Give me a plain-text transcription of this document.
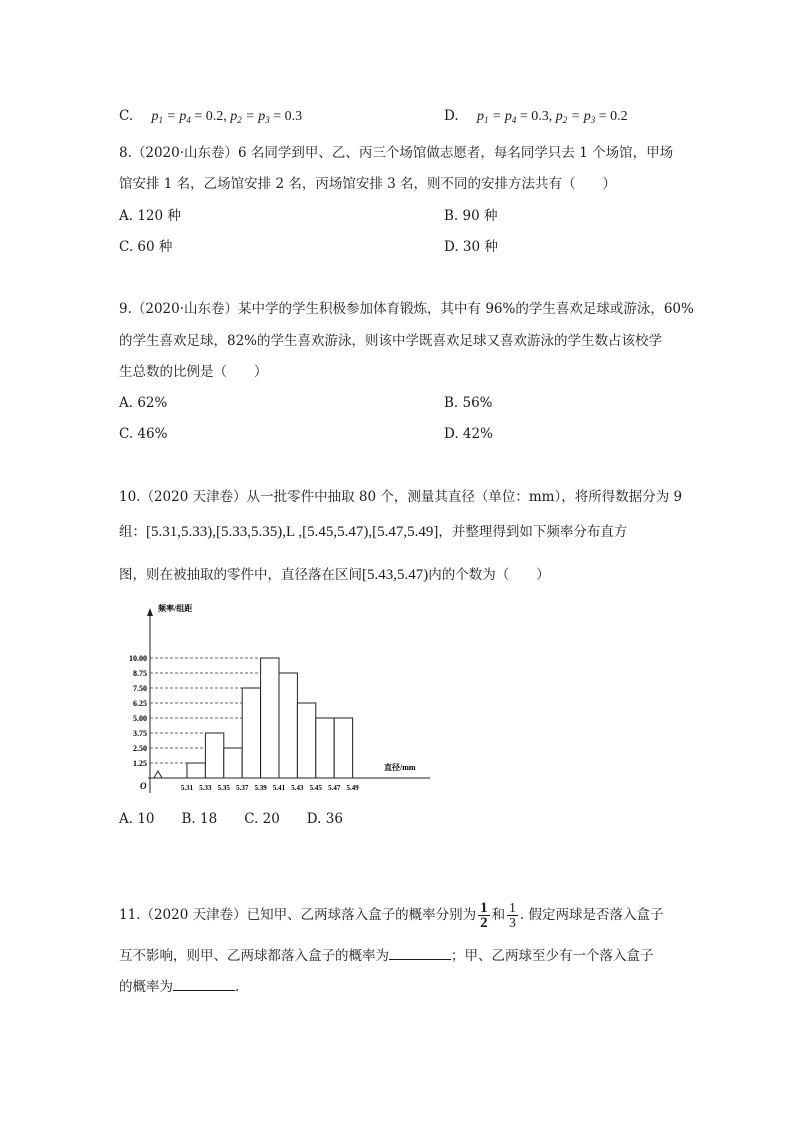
C. $p_1 = p_4 = 0.2$, $p_2 = p_3 = 0.3$	D. $p_1 = p_4 = 0.3$, $p_2 = p_3 = 0.2$
8.（2020·山东卷）6 名同学到甲、乙、丙三个场馆做志愿者，每名同学只去 1 个场馆，甲场
馆安排 1 名，乙场馆安排 2 名，丙场馆安排 3 名，则不同的安排方法共有（　　）
A. 120 种	B. 90 种
C. 60 种	D. 30 种
9.（2020·山东卷）某中学的学生积极参加体育锻炼，其中有 96%的学生喜欢足球或游泳，60%
的学生喜欢足球，82%的学生喜欢游泳，则该中学既喜欢足球又喜欢游泳的学生数占该校学
生总数的比例是（　　）
A. 62%	B. 56%
C. 46%	D. 42%
10.（2020 天津卷）从一批零件中抽取 80 个，测量其直径（单位：mm），将所得数据分为 9
组：[5.31,5.33),[5.33,5.35),L ,[5.45,5.47),[5.47,5.49]，并整理得到如下频率分布直方
图，则在被抽取的零件中，直径落在区间[5.43,5.47)内的个数为（　　）
频率/组距
直径/mm
O
1.25
2.50
3.75
5.00
6.25
7.50
8.75
10.00
5.31 5.33 5.35 5.37 5.39 5.41 5.43 5.45 5.47 5.49
A. 10　　B. 18　　C. 20　　D. 36
11.（2020 天津卷）已知甲、乙两球落入盒子的概率分别为 $\frac{1}{2}$ 和 $\frac{1}{3}$ . 假定两球是否落入盒子
互不影响，则甲、乙两球都落入盒子的概率为	；甲、乙两球至少有一个落入盒子
的概率为	.
